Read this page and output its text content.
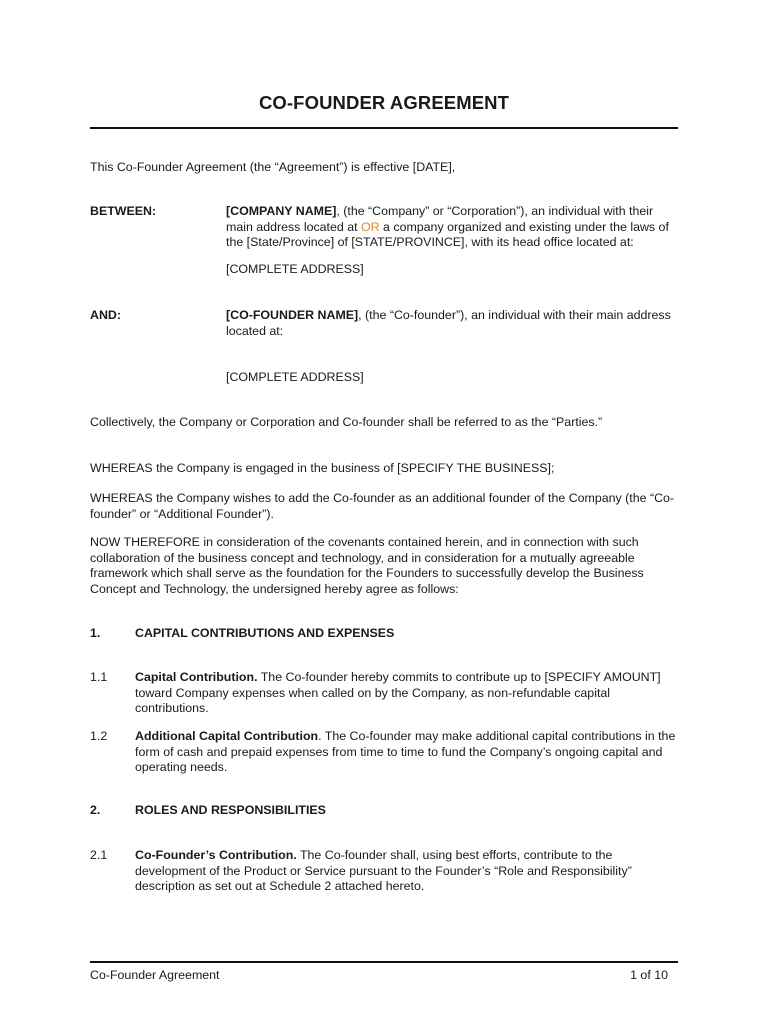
CO-FOUNDER AGREEMENT
This Co-Founder Agreement (the “Agreement”) is effective [DATE],
BETWEEN:	[COMPANY NAME], (the “Company” or “Corporation”), an individual with their main address located at OR a company organized and existing under the laws of the [State/Province] of [STATE/PROVINCE], with its head office located at:
[COMPLETE ADDRESS]
AND:	[CO-FOUNDER NAME], (the “Co-founder”), an individual with their main address located at:
[COMPLETE ADDRESS]
Collectively, the Company or Corporation and Co-founder shall be referred to as the “Parties.”
WHEREAS the Company is engaged in the business of [SPECIFY THE BUSINESS];
WHEREAS the Company wishes to add the Co-founder as an additional founder of the Company (the “Co-founder” or “Additional Founder”).
NOW THEREFORE in consideration of the covenants contained herein, and in connection with such collaboration of the business concept and technology, and in consideration for a mutually agreeable framework which shall serve as the foundation for the Founders to successfully develop the Business Concept and Technology, the undersigned hereby agree as follows:
1.	CAPITAL CONTRIBUTIONS AND EXPENSES
1.1 Capital Contribution. The Co-founder hereby commits to contribute up to [SPECIFY AMOUNT] toward Company expenses when called on by the Company, as non-refundable capital contributions.
1.2 Additional Capital Contribution. The Co-founder may make additional capital contributions in the form of cash and prepaid expenses from time to time to fund the Company’s ongoing capital and operating needs.
2.	ROLES AND RESPONSIBILITIES
2.1 Co-Founder’s Contribution. The Co-founder shall, using best efforts, contribute to the development of the Product or Service pursuant to the Founder’s “Role and Responsibility” description as set out at Schedule 2 attached hereto.
Co-Founder Agreement	1 of 10
